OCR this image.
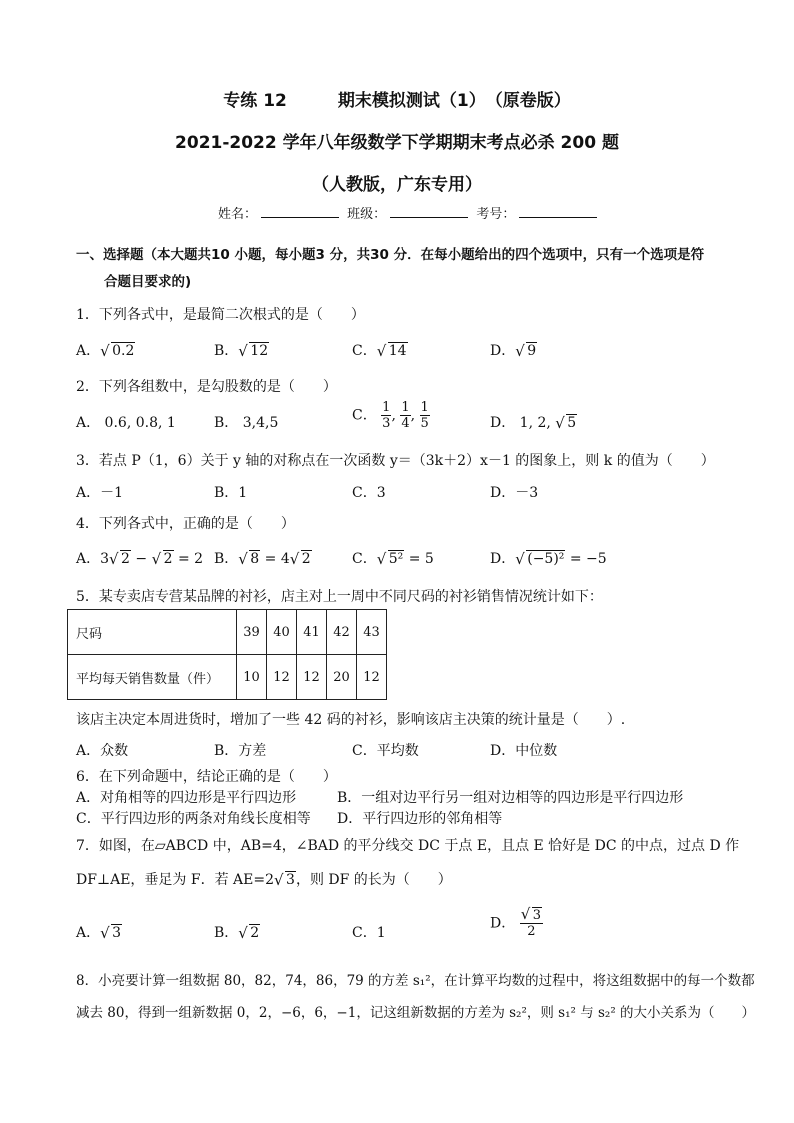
专练 12　　　期末模拟测试（1）　（原卷版）
2021-2022 学年八年级数学下学期期末考点必杀 200 题
（人教版，广东专用）
姓名：	班级：	考号：
一、选择题（本大题共10 小题，每小题3 分，共30 分．在每小题给出的四个选项中，只有一个选项是符
合题目要求的)
1．下列各式中，是最简二次根式的是（　　）
A． √ 0.2	B． √ 12	C． √ 14	D． √ 9
2．下列各组数中，是勾股数的是（　　）
A． 0.6, 0.8, 1	B． 3,4,5	C． $\frac{1}{3}$ , $\frac{1}{4}$ , $\frac{1}{5}$	D． 1, 2, √ 5
3．若点 P（1，6）关于 y 轴的对称点在一次函数 y＝（3k＋2）x－1 的图象上，则 k 的值为（　　）
A．－1	B．1	C．3	D．－3
4．下列各式中，正确的是（　　）
A．3 √ 2 − √ 2 = 2 B． √ 8 = 4 √ 2	C． √ 5² = 5	D． √ (−5)² = −5
5．某专卖店专营某品牌的衬衫，店主对上一周中不同尺码的衬衫销售情况统计如下：
尺码	39	40	41	42	43
平均每天销售数量（件）	10	12	12	20	12
该店主决定本周进货时，增加了一些 42 码的衬衫，影响该店主决策的统计量是（　　）.
A．众数	B．方差	C．平均数	D．中位数
6．在下列命题中，结论正确的是（　　）
A．对角相等的四边形是平行四边形	B．一组对边平行另一组对边相等的四边形是平行四边形
C．平行四边形的两条对角线长度相等 D．平行四边形的邻角相等
7．如图，在▱ABCD 中，AB=4，∠BAD 的平分线交 DC 于点 E，且点 E 恰好是 DC 的中点，过点 D 作
DF⊥AE，垂足为 F．若 AE=2 √ 3，则 DF 的长为（　　）
A． √ 3	B． √ 2	C．1
D． √ $\frac{3}{2}$
8．小亮要计算一组数据 80，82，74，86，79 的方差 s₁²，在计算平均数的过程中，将这组数据中的每一个数都
减去 80，得到一组新数据 0，2，−6，6，−1，记这组新数据的方差为 s₂²，则 s₁² 与 s₂² 的大小关系为（　　）
